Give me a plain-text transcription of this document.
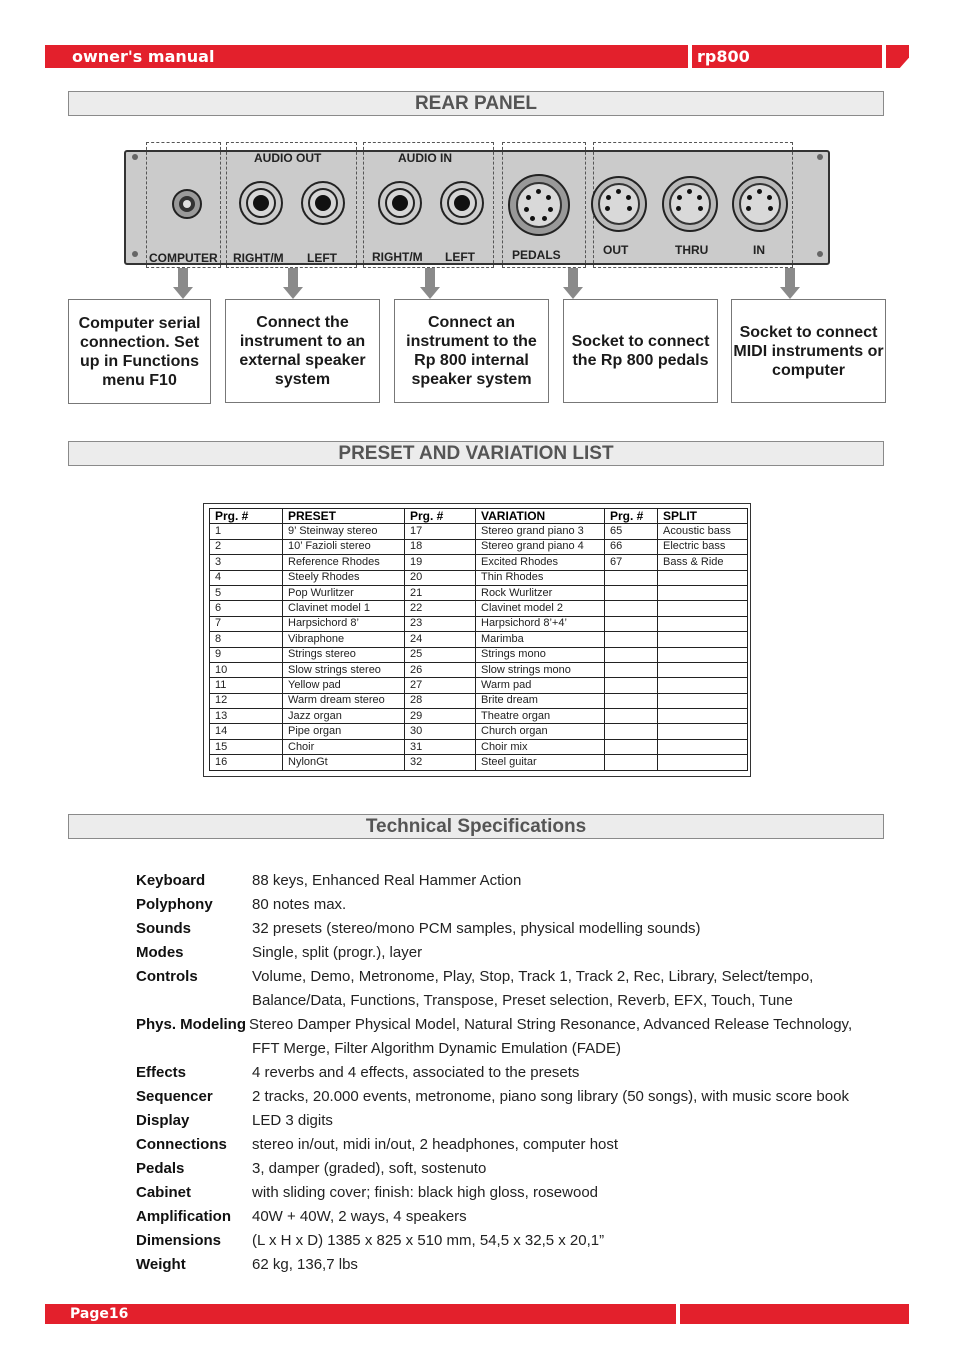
owner's manual	rp800
REAR PANEL
AUDIO OUT	AUDIO IN
COMPUTER RIGHT/M LEFT	RIGHT/M LEFT	PEDALS	OUT	THRU	IN
Computer serial connection. Set up in Functions menu F10
Connect the instrument to an external speaker system
Connect an instrument to the Rp 800 internal speaker system
Socket to connect the Rp 800 pedals
Socket to connect MIDI instruments or computer
PRESET AND VARIATION LIST
Prg. #	PRESET	Prg. #	VARIATION	Prg. #	SPLIT
1	9’ Steinway stereo	17	Stereo grand piano 3	65	Acoustic bass
2	10’ Fazioli stereo	18	Stereo grand piano 4	66	Electric bass
3	Reference Rhodes	19	Excited Rhodes	67	Bass & Ride
4	Steely Rhodes	20	Thin Rhodes		
5	Pop Wurlitzer	21	Rock Wurlitzer		
6	Clavinet model 1	22	Clavinet model 2		
7	Harpsichord 8’	23	Harpsichord 8’+4’		
8	Vibraphone	24	Marimba		
9	Strings stereo	25	Strings mono		
10	Slow strings stereo	26	Slow strings mono		
11	Yellow pad	27	Warm pad		
12	Warm dream stereo	28	Brite dream		
13	Jazz organ	29	Theatre organ		
14	Pipe organ	30	Church organ		
15	Choir	31	Choir mix		
16	NylonGt	32	Steel guitar		
Technical Specifications
Keyboard	88 keys, Enhanced Real Hammer Action
Polyphony	80 notes max.
Sounds	32 presets (stereo/mono PCM samples, physical modelling sounds)
Modes	Single, split (progr.), layer
Controls	Volume, Demo, Metronome, Play, Stop, Track 1, Track 2, Rec, Library, Select/tempo,
Balance/Data, Functions, Transpose, Preset selection, Reverb, EFX, Touch, Tune
Phys. Modeling Stereo Damper Physical Model, Natural String Resonance, Advanced Release Technology,
FFT Merge, Filter Algorithm Dynamic Emulation (FADE)
Effects	4 reverbs and 4 effects, associated to the presets
Sequencer	2 tracks, 20.000 events, metronome, piano song library (50 songs), with music score book
Display	LED 3 digits
Connections stereo in/out, midi in/out, 2 headphones, computer host
Pedals	3, damper (graded), soft, sostenuto
Cabinet	with sliding cover; finish: black high gloss, rosewood
Amplification 40W + 40W, 2 ways, 4 speakers
Dimensions (L x H x D) 1385 x 825 x 510 mm, 54,5 x 32,5 x 20,1”
Weight	62 kg, 136,7 lbs
Page16
